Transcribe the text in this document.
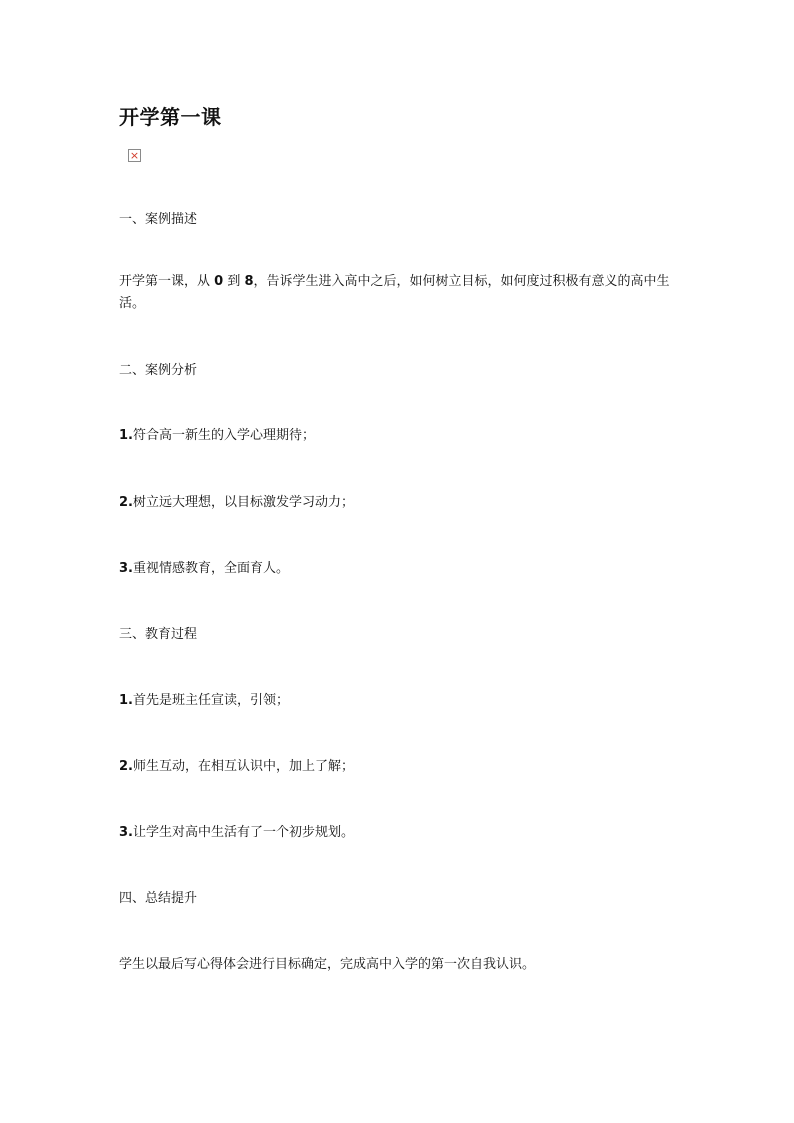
开学第一课
×

一、案例描述

开学第一课，从 0 到 8，告诉学生进入高中之后，如何树立目标，如何度过积极有意义的高中生活。

二、案例分析

1.符合高一新生的入学心理期待；

2.树立远大理想，以目标激发学习动力；

3.重视情感教育，全面育人。

三、教育过程

1.首先是班主任宣读，引领；

2.师生互动，在相互认识中，加上了解；

3.让学生对高中生活有了一个初步规划。

四、总结提升

学生以最后写心得体会进行目标确定，完成高中入学的第一次自我认识。
